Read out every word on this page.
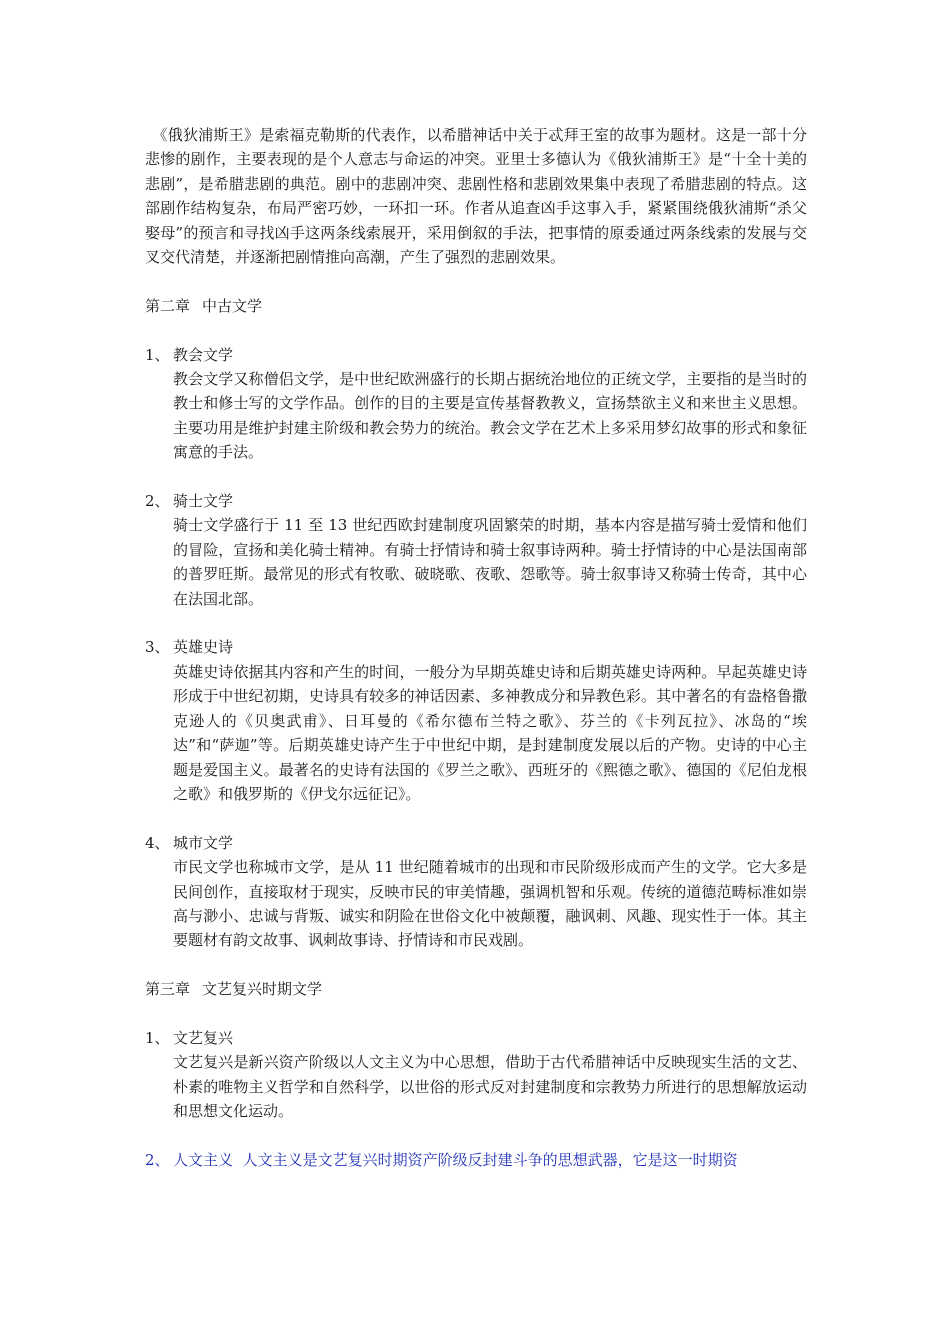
《俄狄浦斯王》是索福克勒斯的代表作，以希腊神话中关于忒拜王室的故事为题材。这是一部十分悲惨的剧作，主要表现的是个人意志与命运的冲突。亚里士多德认为《俄狄浦斯王》是“十全十美的悲剧”，是希腊悲剧的典范。剧中的悲剧冲突、悲剧性格和悲剧效果集中表现了希腊悲剧的特点。这部剧作结构复杂，布局严密巧妙，一环扣一环。作者从追查凶手这事入手，紧紧围绕俄狄浦斯“杀父娶母”的预言和寻找凶手这两条线索展开，采用倒叙的手法，把事情的原委通过两条线索的发展与交叉交代清楚，并逐渐把剧情推向高潮，产生了强烈的悲剧效果。

第二章 中古文学

1、 教会文学

教会文学又称僧侣文学，是中世纪欧洲盛行的长期占据统治地位的正统文学，主要指的是当时的教士和修士写的文学作品。创作的目的主要是宣传基督教教义，宣扬禁欲主义和来世主义思想。主要功用是维护封建主阶级和教会势力的统治。教会文学在艺术上多采用梦幻故事的形式和象征寓意的手法。

2、 骑士文学

骑士文学盛行于 11 至 13 世纪西欧封建制度巩固繁荣的时期，基本内容是描写骑士爱情和他们的冒险，宣扬和美化骑士精神。有骑士抒情诗和骑士叙事诗两种。骑士抒情诗的中心是法国南部的普罗旺斯。最常见的形式有牧歌、破晓歌、夜歌、怨歌等。骑士叙事诗又称骑士传奇，其中心在法国北部。

3、 英雄史诗

英雄史诗依据其内容和产生的时间，一般分为早期英雄史诗和后期英雄史诗两种。早起英雄史诗形成于中世纪初期，史诗具有较多的神话因素、多神教成分和异教色彩。其中著名的有盎格鲁撒克逊人的《贝奥武甫》、日耳曼的《希尔德布兰特之歌》、芬兰的《卡列瓦拉》、冰岛的“埃达”和“萨迦”等。后期英雄史诗产生于中世纪中期，是封建制度发展以后的产物。史诗的中心主题是爱国主义。最著名的史诗有法国的《罗兰之歌》、西班牙的《熙德之歌》、德国的《尼伯龙根之歌》和俄罗斯的《伊戈尔远征记》。

4、 城市文学

市民文学也称城市文学，是从 11 世纪随着城市的出现和市民阶级形成而产生的文学。它大多是民间创作，直接取材于现实，反映市民的审美情趣，强调机智和乐观。传统的道德范畴标准如崇高与渺小、忠诚与背叛、诚实和阴险在世俗文化中被颠覆，融讽刺、风趣、现实性于一体。其主要题材有韵文故事、讽刺故事诗、抒情诗和市民戏剧。

第三章 文艺复兴时期文学

1、 文艺复兴

文艺复兴是新兴资产阶级以人文主义为中心思想，借助于古代希腊神话中反映现实生活的文艺、朴素的唯物主义哲学和自然科学，以世俗的形式反对封建制度和宗教势力所进行的思想解放运动和思想文化运动。

2、 人文主义 人文主义是文艺复兴时期资产阶级反封建斗争的思想武器，它是这一时期资
